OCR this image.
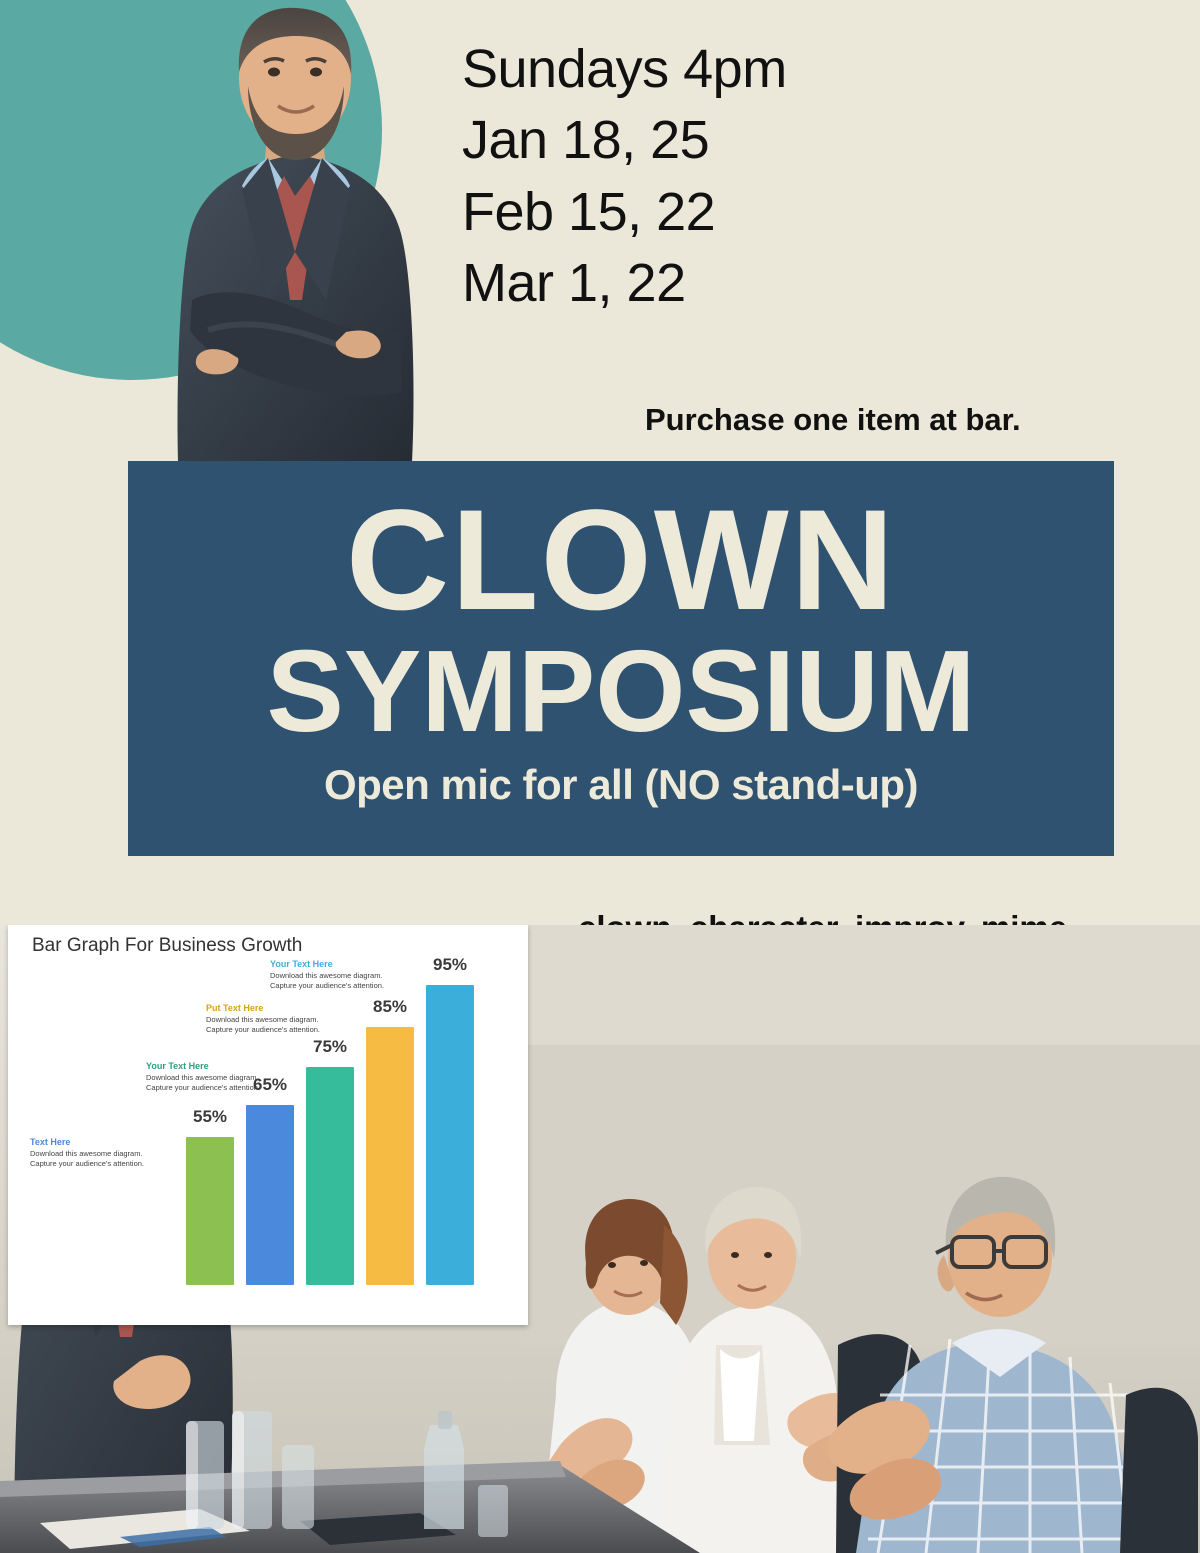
Sundays 4pm
Jan 18, 25
Feb 15, 22
Mar 1, 22
Purchase one item at bar.
CLOWN
SYMPOSIUM
Open mic for all (NO stand-up)
Bar Graph For Business Growth
Your Text Here
Download this awesome diagram. Capture your audience's attention.
Put Text Here
Download this awesome diagram. Capture your audience's attention.
Your Text Here
Download this awesome diagram. Capture your audience's attention.
Text Here
Download this awesome diagram. Capture your audience's attention.
55%
65%
75%
85%
95%
